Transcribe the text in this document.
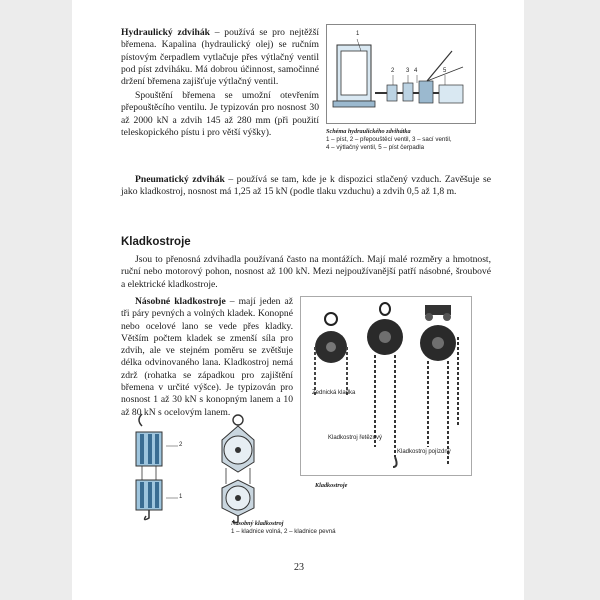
Hydraulický zdvihák – používá se pro nejtěžší břemena. Kapalina (hydraulický olej) se ručním pístovým čerpadlem vytlačuje přes výtlačný ventil pod píst zdviháku. Má dobrou účinnost, samočinné držení břemena zajišťuje výtlačný ventil.

Spouštění břemena se umožní otevřením přepouštěcího ventilu. Je typizován pro nosnost 30 až 2000 kN a zdvih 145 až 280 mm (při použití teleskopického pístu i pro větší výšky).

1
2 3 4	5
Schéma hydraulického zdvihátka
1 – píst, 2 – přepouštěcí ventil, 3 – sací ventil,
4 – výtlačný ventil, 5 – píst čerpadla

Pneumatický zdvihák – používá se tam, kde je k dispozici stlačený vzduch. Zavěšuje se jako kladkostroj, nosnost má 1,25 až 15 kN (podle tlaku vzduchu) a zdvih 0,5 až 1,8 m.

Kladkostroje

Jsou to přenosná zdvihadla používaná často na montážích. Mají malé rozměry a hmotnost, ruční nebo motorový pohon, nosnost až 100 kN. Mezi nejpoužívanější patří násobné, šroubové a elektrické kladkostroje.

Násobné kladkostroje – mají jeden až tři páry pevných a volných kladek. Konopné nebo ocelové lano se vede přes kladky. Větším počtem kladek se zmenší síla pro zdvih, ale ve stejném poměru se zvětšuje délka odvinovaného lana. Kladkostroj nemá zdrž (rohatka se západkou pro zajištění břemena v určité výšce). Je typizován pro nosnost 1 až 30 kN s konopným lanem a 10 až 80 kN s ocelovým lanem.

Zednická kladka
Kladkostroj řetězový
Kladkostroj pojízdný
Kladkostroje
2
1
Násobný kladkostroj
1 – kladnice volná, 2 – kladnice pevná
23
